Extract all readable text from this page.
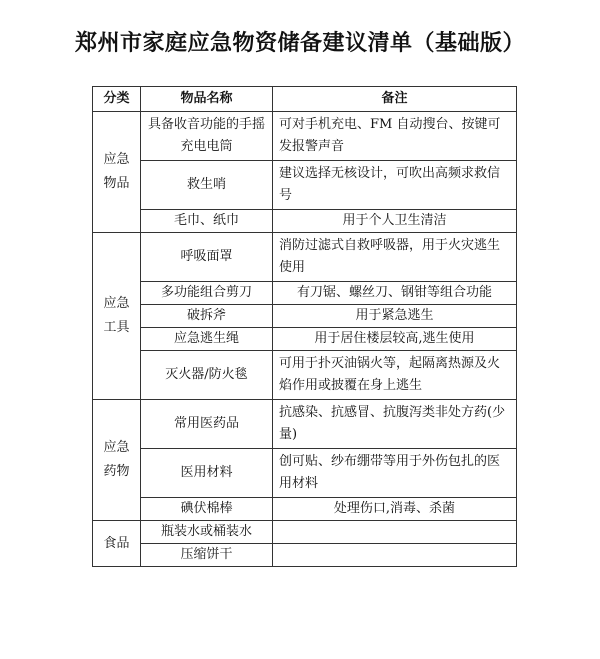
郑州市家庭应急物资储备建议清单（基础版）
分类	物品名称	备注
应急物品	具备收音功能的手摇充电电筒	可对手机充电、FM 自动搜台、按键可发报警声音
	救生哨	建议选择无核设计，可吹出高频求救信号
	毛巾、纸巾	用于个人卫生清洁
应急工具	呼吸面罩	消防过滤式自救呼吸器，用于火灾逃生使用
	多功能组合剪刀	有刀锯、螺丝刀、钢钳等组合功能
	破拆斧	用于紧急逃生
	应急逃生绳	用于居住楼层较高,逃生使用
	灭火器/防火毯	可用于扑灭油锅火等，起隔离热源及火焰作用或披覆在身上逃生
应急药物	常用医药品	抗感染、抗感冒、抗腹泻类非处方药(少量)
	医用材料	创可贴、纱布绷带等用于外伤包扎的医用材料
	碘伏棉棒	处理伤口,消毒、杀菌
食品	瓶装水或桶装水	
	压缩饼干	
